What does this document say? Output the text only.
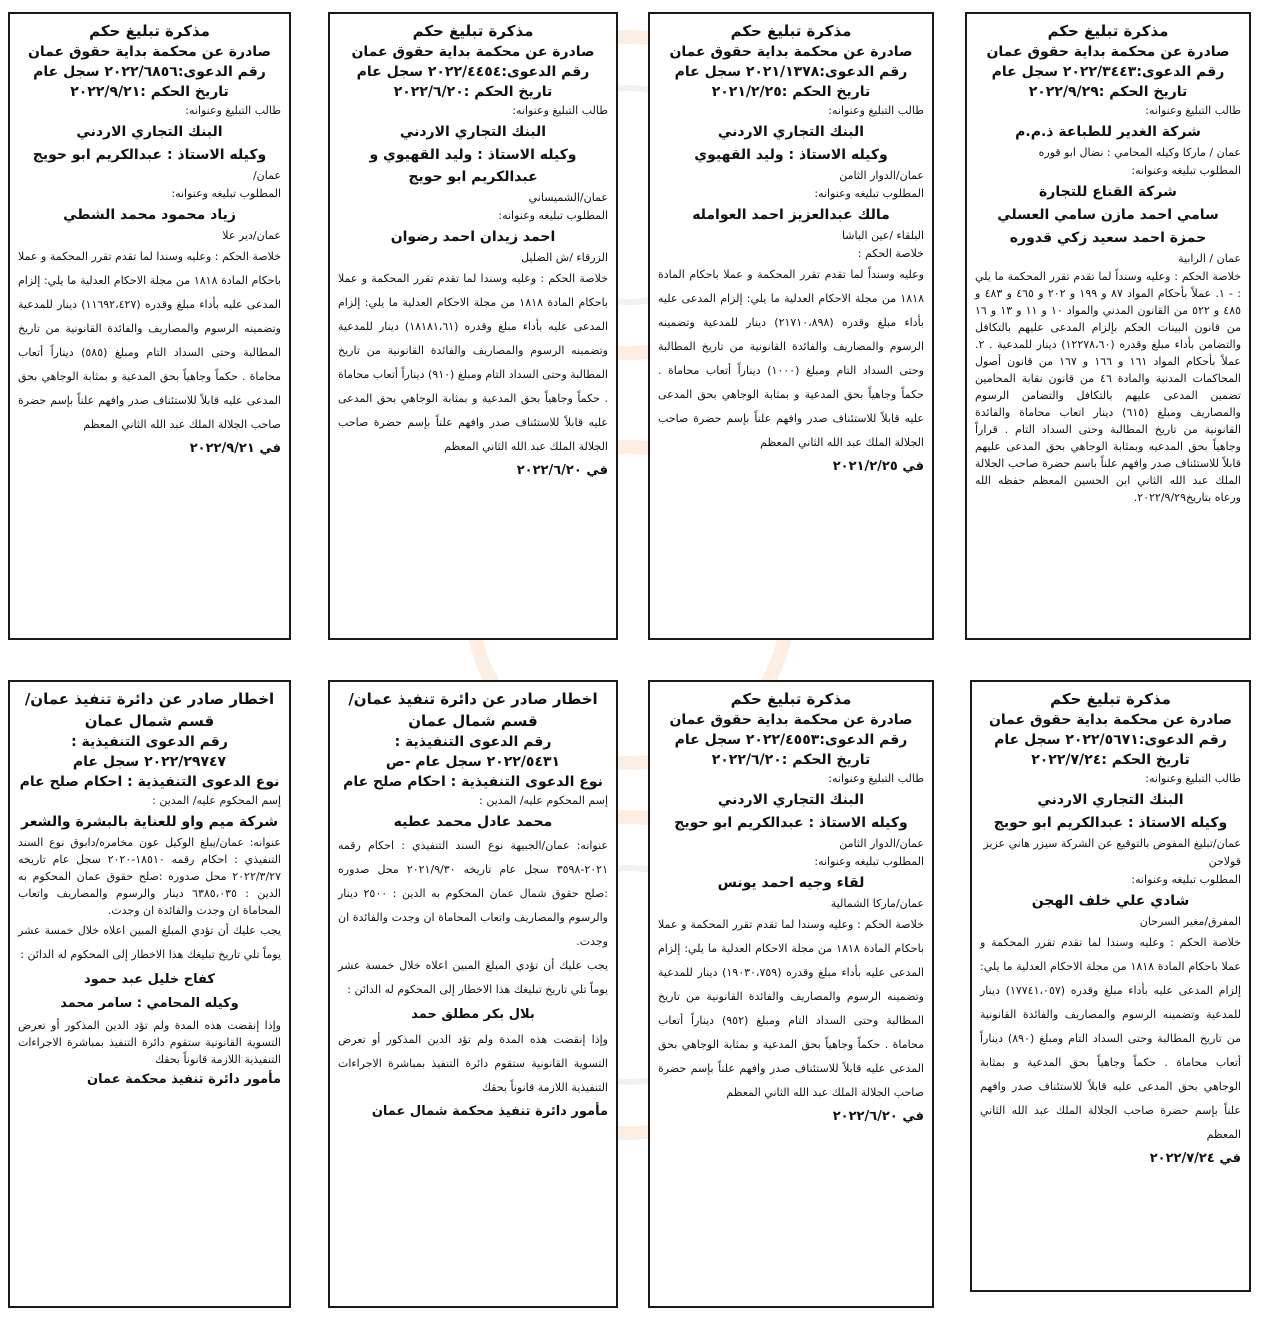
مذكرة تبليغ حكم

صادرة عن محكمة بداية حقوق عمان

رقم الدعوى:٢٠٢٢/٣٤٤٣ سجل عام

تاريخ الحكم :٢٠٢٢/٩/٢٩

طالب التبليغ وعنوانه:

شركة الغدير للطباعة ذ.م.م

عمان / ماركا وكيله المحامي : نضال ابو قوره

المطلوب تبليغه وعنوانه:

شركة القناع للتجارة

سامي احمد مازن سامي العسلي

حمزة احمد سعيد زكي قدوره

عمان / الرابية

خلاصة الحكم : وعليه وسنداً لما تقدم تقرر المحكمة ما يلي : - ١. عملاً بأحكام المواد ٨٧ و ١٩٩ و ٢٠٢ و ٤٦٥ و ٤٨٣ و ٤٨٥ و ٥٢٢ من القانون المدني والمواد ١٠ و ١١ و ١٣ و ١٦ من قانون البينات الحكم بإلزام المدعى عليهم بالتكافل والتضامن بأداء مبلغ وقدره (١٢٢٧٨،٦٠) دينار للمدعية . ٢. عملاً بأحكام المواد ١٦١ و ١٦٦ و ١٦٧ من قانون أصول المحاكمات المدنية والمادة ٤٦ من قانون نقابة المحامين تضمين المدعى عليهم بالتكافل والتضامن الرسوم والمصاريف ومبلغ (٦١٥) دينار اتعاب محاماة والفائدة القانونية من تاريخ المطالبة وحتى السداد التام . قراراً وجاهياً بحق المدعيه وبمثابة الوجاهي بحق المدعى عليهم قابلاً للاستئناف صدر وافهم علناً باسم حضرة صاحب الجلالة الملك عبد الله الثاني ابن الحسين المعظم حفظه الله ورعاه بتاريخ٢٠٢٢/٩/٢٩.

مذكرة تبليغ حكم

صادرة عن محكمة بداية حقوق عمان

رقم الدعوى:٢٠٢١/١٣٧٨ سجل عام

تاريخ الحكم :٢٠٢١/٢/٢٥

طالب التبليغ وعنوانه:

البنك التجاري الاردني

وكيله الاستاذ : وليد القهيوي

عمان/الدوار الثامن

المطلوب تبليغه وعنوانه:

مالك عبدالعزيز احمد العوامله

البلقاء /عين الباشا

خلاصة الحكم :

وعليه وسنداً لما تقدم تقرر المحكمة و عملا باحكام المادة ١٨١٨ من مجلة الاحكام العدلية ما يلي: إلزام المدعى عليه بأداء مبلغ وقدره (٢١٧١٠،٨٩٨) دينار للمدعية وتضمينه الرسوم والمصاريف والفائدة القانونية من تاريخ المطالبة وحتى السداد التام ومبلغ (١٠٠٠) ديناراً أتعاب محاماة . حكماً وجاهياً بحق المدعية و بمثابة الوجاهي بحق المدعى عليه قابلاً للاستئناف صدر وافهم علناً بإسم حضرة صاحب الجلالة الملك عبد الله الثاني المعظم

في ٢٠٢١/٢/٢٥

مذكرة تبليغ حكم

صادرة عن محكمة بداية حقوق عمان

رقم الدعوى:٢٠٢٢/٤٤٥٤ سجل عام

تاريخ الحكم :٢٠٢٢/٦/٢٠

طالب التبليغ وعنوانه:

البنك التجاري الاردني

وكيله الاستاذ : وليد القهيوي و عبدالكريم ابو حويج

عمان/الشميساني

المطلوب تبليغه وعنوانه:

احمد زيدان احمد رضوان

الزرقاء /ش الضليل

خلاصة الحكم : وعليه وسندا لما تقدم تقرر المحكمة و عملا باحكام المادة ١٨١٨ من مجلة الاحكام العدلية ما يلي: إلزام المدعى عليه بأداء مبلغ وقدره (١٨١٨١،٦١) دينار للمدعية وتضمينه الرسوم والمصاريف والفائدة القانونية من تاريخ المطالبة وحتى السداد التام ومبلغ (٩١٠) ديناراً أتعاب محاماة . حكماً وجاهياً بحق المدعية و بمثابة الوجاهي بحق المدعى عليه قابلاً للاستئناف صدر وافهم علناً بإسم حضرة صاحب الجلالة الملك عبد الله الثاني المعظم

في ٢٠٢٢/٦/٢٠

مذكرة تبليغ حكم

صادرة عن محكمة بداية حقوق عمان

رقم الدعوى:٢٠٢٢/٦٨٥٦ سجل عام

تاريخ الحكم :٢٠٢٢/٩/٢١

طالب التبليغ وعنوانه:

البنك التجاري الاردني

وكيله الاستاذ : عبدالكريم ابو حويج

عمان/

المطلوب تبليغه وعنوانه:

زياد محمود محمد الشطي

عمان/دير علا

خلاصة الحكم : وعليه وسندا لما تقدم تقرر المحكمة و عملا باحكام المادة ١٨١٨ من مجلة الاحكام العدلية ما يلي: إلزام المدعى عليه بأداء مبلغ وقدره (١١٦٩٢،٤٢٧) دينار للمدعية وتضمينه الرسوم والمصاريف والفائدة القانونية من تاريخ المطالبة وحتى السداد التام ومبلغ (٥٨٥) ديناراً أتعاب محاماة . حكماً وجاهياً بحق المدعية و بمثابة الوجاهي بحق المدعى عليه قابلاً للاستئناف صدر وافهم علناً بإسم حضرة صاحب الجلالة الملك عبد الله الثاني المعظم

في ٢٠٢٢/٩/٢١

مذكرة تبليغ حكم

صادرة عن محكمة بداية حقوق عمان

رقم الدعوى:٢٠٢٢/٥٦٧١ سجل عام

تاريخ الحكم :٢٠٢٢/٧/٢٤

طالب التبليغ وعنوانه:

البنك التجاري الاردني

وكيله الاستاذ : عبدالكريم ابو حويج

عمان/تبليغ المفوض بالتوقيع عن الشركة سيزر هاني عزيز قولاجن

المطلوب تبليغه وعنوانه:

شادي علي خلف الهجن

المفرق/مغير السرحان

خلاصة الحكم : وعليه وسندا لما تقدم تقرر المحكمة و عملا باحكام المادة ١٨١٨ من مجلة الاحكام العدلية ما يلي: إلزام المدعى عليه بأداء مبلغ وقدره (١٧٧٤١،٠٥٧) دينار للمدعية وتضمينه الرسوم والمصاريف والفائدة القانونية من تاريخ المطالبة وحتى السداد التام ومبلغ (٨٩٠) ديناراً أتعاب محاماة . حكماً وجاهياً بحق المدعية و بمثابة الوجاهي بحق المدعى عليه قابلاً للاستئناف صدر وافهم علناً بإسم حضرة صاحب الجلالة الملك عبد الله الثاني المعظم

في ٢٠٢٢/٧/٢٤

مذكرة تبليغ حكم

صادرة عن محكمة بداية حقوق عمان

رقم الدعوى:٢٠٢٢/٤٥٥٣ سجل عام

تاريخ الحكم :٢٠٢٢/٦/٢٠

طالب التبليغ وعنوانه:

البنك التجاري الاردني

وكيله الاستاذ : عبدالكريم ابو حويج

عمان/الدوار الثامن

المطلوب تبليغه وعنوانه:

لقاء وجيه احمد يونس

عمان/ماركا الشمالية

خلاصة الحكم : وعليه وسندا لما تقدم تقرر المحكمة و عملا باحكام المادة ١٨١٨ من مجلة الاحكام العدلية ما يلي: إلزام المدعى عليه بأداء مبلغ وقدره (١٩٠٣٠،٧٥٩) دينار للمدعية وتضمينه الرسوم والمصاريف والفائدة القانونية من تاريخ المطالبة وحتى السداد التام ومبلغ (٩٥٢) ديناراً أتعاب محاماة . حكماً وجاهياً بحق المدعية و بمثابة الوجاهي بحق المدعى عليه قابلاً للاستئناف صدر وافهم علناً بإسم حضرة صاحب الجلالة الملك عبد الله الثاني المعظم

في ٢٠٢٢/٦/٢٠

اخطار صادر عن دائرة تنفيذ عمان/قسم شمال عمان

رقم الدعوى التنفيذية :

٢٠٢٢/٥٤٣١ سجل عام -ص

نوع الدعوى التنفيذية : احكام صلح عام

إسم المحكوم عليه/ المدين :

محمد عادل محمد عطيه

عنوانه: عمان/الجبيهة نوع السند التنفيذي : احكام رقمه ٢٠٢١-٣٥٩٨ سجل عام تاريخه ٢٠٢١/٩/٣٠ محل صدوره :صلح حقوق شمال عمان المحكوم به الدين : ٢٥٠٠ دينار والرسوم والمصاريف واتعاب المحاماة ان وجدت والفائدة ان وجدت.

يجب عليك أن تؤدي المبلغ المبين اعلاه خلال خمسة عشر يوماً تلي تاريخ تبليغك هذا الاخطار إلى المحكوم له الدائن :

بلال بكر مطلق حمد

وإذا إنقضت هذه المدة ولم تؤد الدين المذكور أو تعرض التسوية القانونية ستقوم دائرة التنفيذ بمباشرة الاجراءات التنفيذية اللازمة قانوناً بحقك

مأمور دائرة تنفيذ محكمة شمال عمان

اخطار صادر عن دائرة تنفيذ عمان/قسم شمال عمان

رقم الدعوى التنفيذية :

٢٠٢٢/٢٩٧٤٧ سجل عام

نوع الدعوى التنفيذية : احكام صلح عام

إسم المحكوم عليه/ المدين :

شركة ميم واو للعناية بالبشرة والشعر

عنوانه: عمان/يبلغ الوكيل عون مخامره/دابوق نوع السند التنفيذي : احكام رقمه ١٨٥١٠-٢٠٢٠ سجل عام تاريخه ٢٠٢٢/٣/٢٧ محل صدوره :صلح حقوق عمان المحكوم به الدين : ٦٣٨٥،٠٣٥ دينار والرسوم والمصاريف واتعاب المحاماة ان وجدت والفائدة ان وجدت.

يجب عليك أن تؤدي المبلغ المبين اعلاه خلال خمسة عشر يوماً تلي تاريخ تبليغك هذا الاخطار إلى المحكوم له الدائن :

كفاح خليل عبد حمود

وكيله المحامي : سامر محمد

وإذا إنقضت هذه المدة ولم تؤد الدين المذكور أو تعرض التسوية القانونية ستقوم دائرة التنفيذ بمباشرة الاجراءات التنفيذية اللازمة قانوناً بحقك

مأمور دائرة تنفيذ محكمة عمان
